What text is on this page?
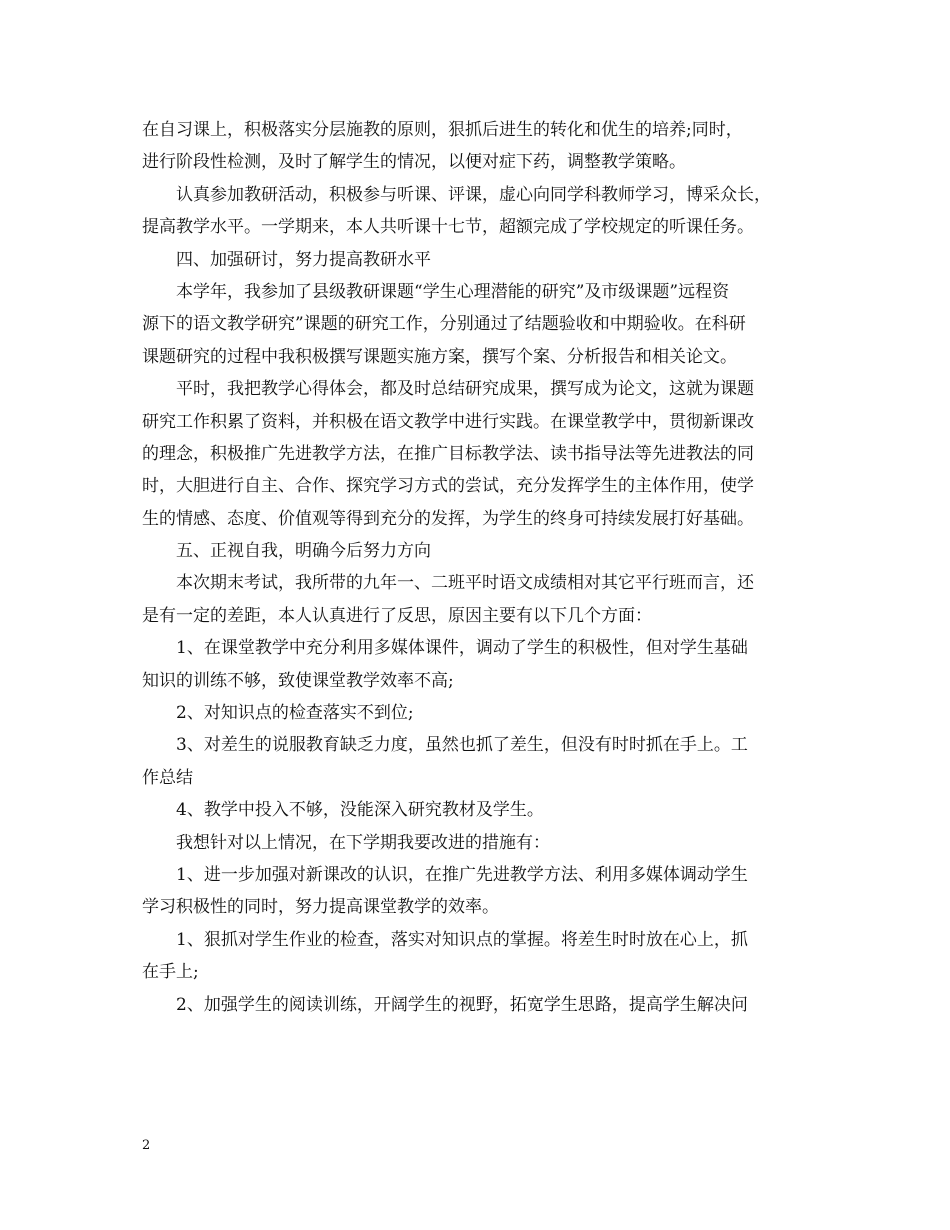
在自习课上，积极落实分层施教的原则，狠抓后进生的转化和优生的培养;同时，
进行阶段性检测，及时了解学生的情况，以便对症下药，调整教学策略。
认真参加教研活动，积极参与听课、评课，虚心向同学科教师学习，博采众长，
提高教学水平。一学期来，本人共听课十七节，超额完成了学校规定的听课任务。
四、加强研讨，努力提高教研水平
本学年，我参加了县级教研课题“学生心理潜能的研究”及市级课题”远程资
源下的语文教学研究”课题的研究工作，分别通过了结题验收和中期验收。在科研
课题研究的过程中我积极撰写课题实施方案，撰写个案、分析报告和相关论文。
平时，我把教学心得体会，都及时总结研究成果，撰写成为论文，这就为课题
研究工作积累了资料，并积极在语文教学中进行实践。在课堂教学中，贯彻新课改
的理念，积极推广先进教学方法，在推广目标教学法、读书指导法等先进教法的同
时，大胆进行自主、合作、探究学习方式的尝试，充分发挥学生的主体作用，使学
生的情感、态度、价值观等得到充分的发挥，为学生的终身可持续发展打好基础。
五、正视自我，明确今后努力方向
本次期末考试，我所带的九年一、二班平时语文成绩相对其它平行班而言，还
是有一定的差距，本人认真进行了反思，原因主要有以下几个方面：
1、在课堂教学中充分利用多媒体课件，调动了学生的积极性，但对学生基础
知识的训练不够，致使课堂教学效率不高;
2、对知识点的检查落实不到位;
3、对差生的说服教育缺乏力度，虽然也抓了差生，但没有时时抓在手上。工
作总结
4、教学中投入不够，没能深入研究教材及学生。
我想针对以上情况，在下学期我要改进的措施有：
1、进一步加强对新课改的认识，在推广先进教学方法、利用多媒体调动学生
学习积极性的同时，努力提高课堂教学的效率。
1、狠抓对学生作业的检查，落实对知识点的掌握。将差生时时放在心上，抓
在手上;
2、加强学生的阅读训练，开阔学生的视野，拓宽学生思路，提高学生解决问
2
